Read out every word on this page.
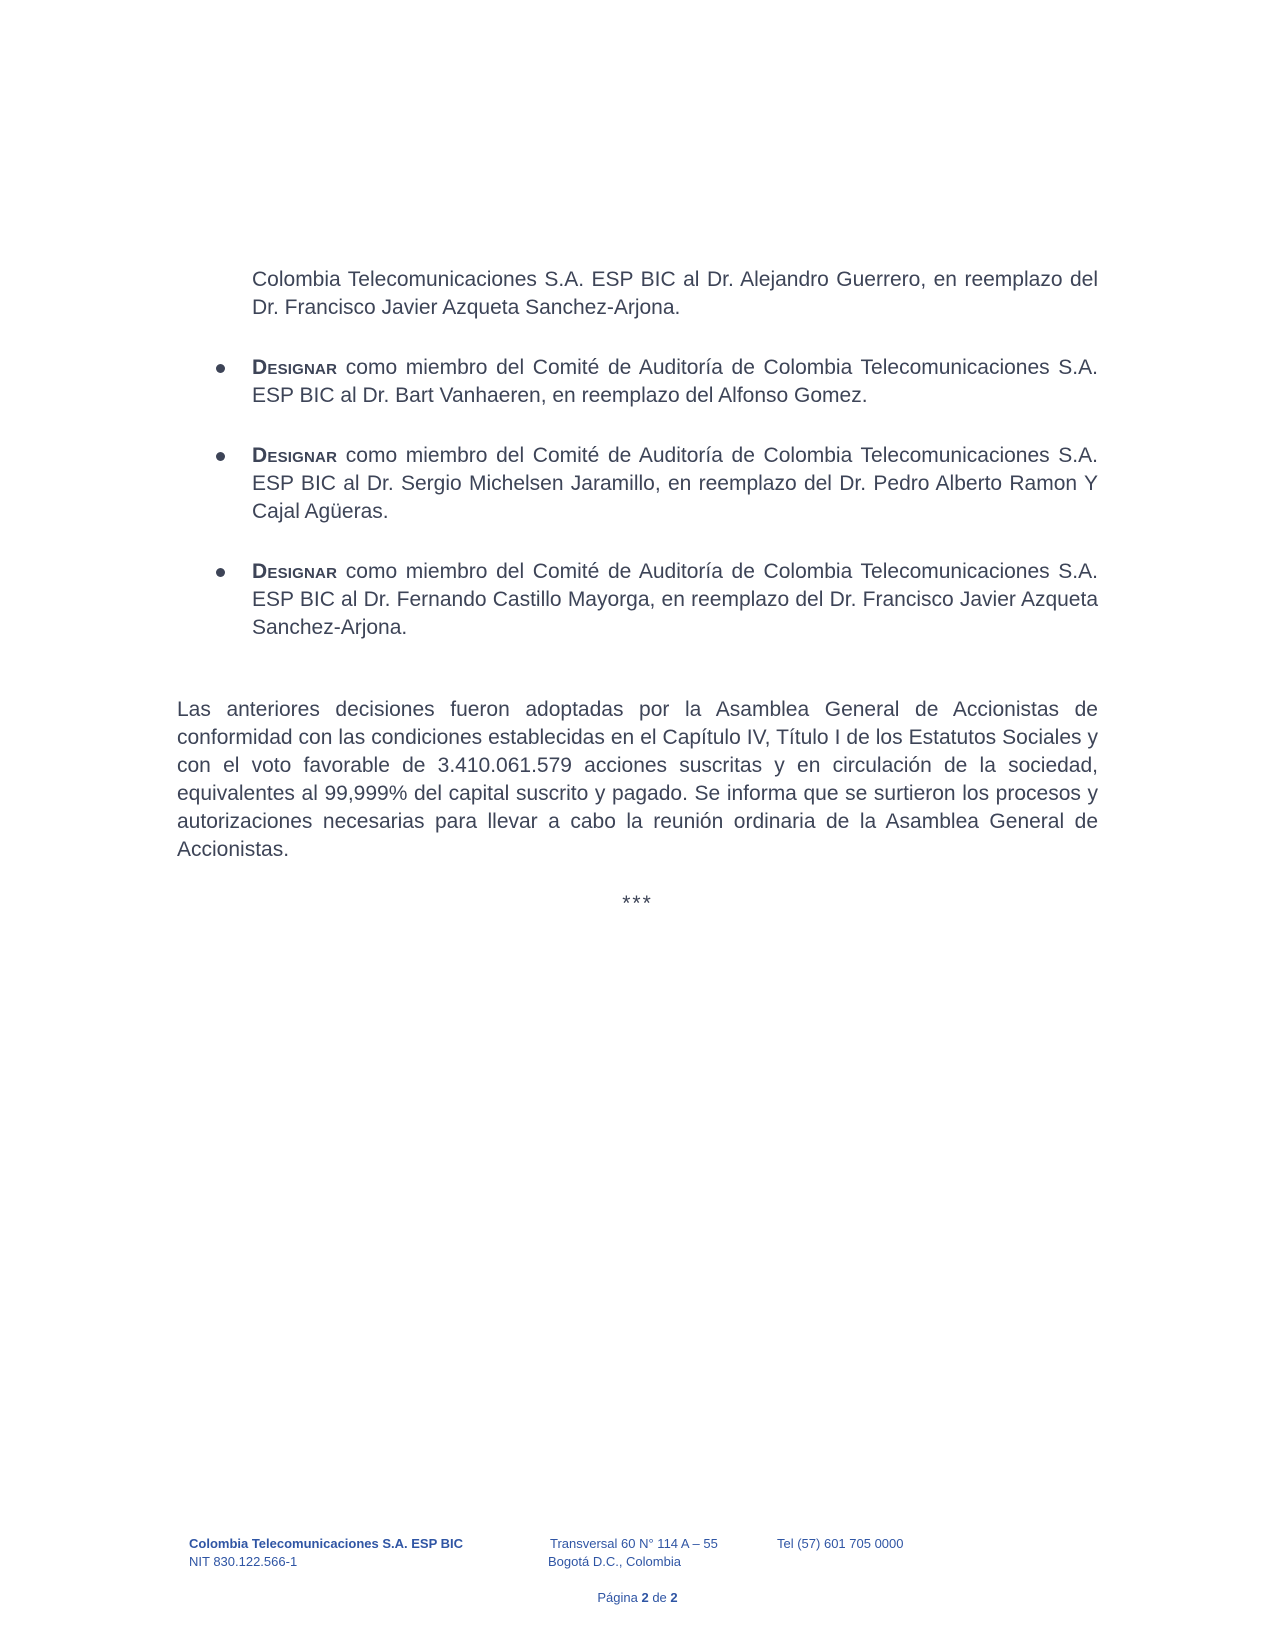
Colombia Telecomunicaciones S.A. ESP BIC al Dr. Alejandro Guerrero, en reemplazo del Dr. Francisco Javier Azqueta Sanchez-Arjona.

Designar como miembro del Comité de Auditoría de Colombia Telecomunicaciones S.A. ESP BIC al Dr. Bart Vanhaeren, en reemplazo del Alfonso Gomez.
Designar como miembro del Comité de Auditoría de Colombia Telecomunicaciones S.A. ESP BIC al Dr. Sergio Michelsen Jaramillo, en reemplazo del Dr. Pedro Alberto Ramon Y Cajal Agüeras.
Designar como miembro del Comité de Auditoría de Colombia Telecomunicaciones S.A. ESP BIC al Dr. Fernando Castillo Mayorga, en reemplazo del Dr. Francisco Javier Azqueta Sanchez-Arjona.

Las anteriores decisiones fueron adoptadas por la Asamblea General de Accionistas de conformidad con las condiciones establecidas en el Capítulo IV, Título I de los Estatutos Sociales y con el voto favorable de 3.410.061.579 acciones suscritas y en circulación de la sociedad, equivalentes al 99,999% del capital suscrito y pagado. Se informa que se surtieron los procesos y autorizaciones necesarias para llevar a cabo la reunión ordinaria de la Asamblea General de Accionistas.

***
Colombia Telecomunicaciones S.A. ESP BIC
NIT 830.122.566-1
Transversal 60 N° 114 A – 55
Bogotá D.C., Colombia
Tel (57) 601 705 0000
Página 2 de 2
